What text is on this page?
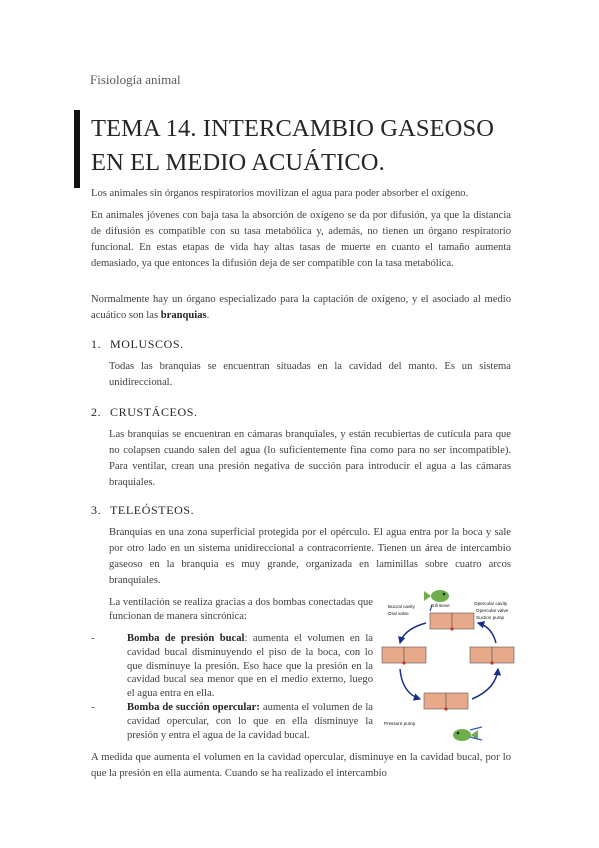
Fisiología animal
TEMA 14. INTERCAMBIO GASEOSO
EN EL MEDIO ACUÁTICO.

Los animales sin órganos respiratorios movilizan el agua para poder absorber el oxígeno.

En animales jóvenes con baja tasa la absorción de oxígeno se da por difusión, ya que la distancia de difusión es compatible con su tasa metabólica y, además, no tienen un órgano respiratorio funcional. En estas etapas de vida hay altas tasas de muerte en cuanto el tamaño aumenta demasiado, ya que entonces la difusión deja de ser compatible con la tasa metabólica.

Normalmente hay un órgano especializado para la captación de oxígeno, y el asociado al medio acuático son las branquias.

1. MOLUSCOS.

Todas las branquias se encuentran situadas en la cavidad del manto. Es un sistema unidireccional.

2. CRUSTÁCEOS.

Las branquias se encuentran en cámaras branquiales, y están recubiertas de cutícula para que no colapsen cuando salen del agua (lo suficientemente fina como para no ser incompatible). Para ventilar, crean una presión negativa de succión para introducir el agua a las cámaras braquiales.

3. TELEÓSTEOS.

Branquias en una zona superficial protegida por el opérculo. El agua entra por la boca y sale por otro lado en un sistema unidireccional a contracorriente. Tienen un área de intercambio gaseoso en la branquia es muy grande, organizada en laminillas sobre cuatro arcos branquiales.

La ventilación se realiza gracias a dos bombas conectadas que funcionan de manera sincrónica:

-	Bomba de presión bucal: aumenta el volumen en la cavidad bucal disminuyendo el piso de la boca, con lo que disminuye la presión. Eso hace que la presión en la cavidad bucal sea menor que en el medio externo, luego el agua entra en ella.
-	Bomba de succión opercular: aumenta el volumen de la cavidad opercular, con lo que en ella disminuye la presión y entra el agua de la cavidad bucal.

A medida que aumenta el volumen en la cavidad opercular, disminuye en la cavidad bucal, por lo que la presión en ella aumenta. Cuando se ha realizado el intercambio

Buccal cavity	Gill sieve	Opercular cavity
Oral valve
Opercular valve
Suction pump
Pressure pump
